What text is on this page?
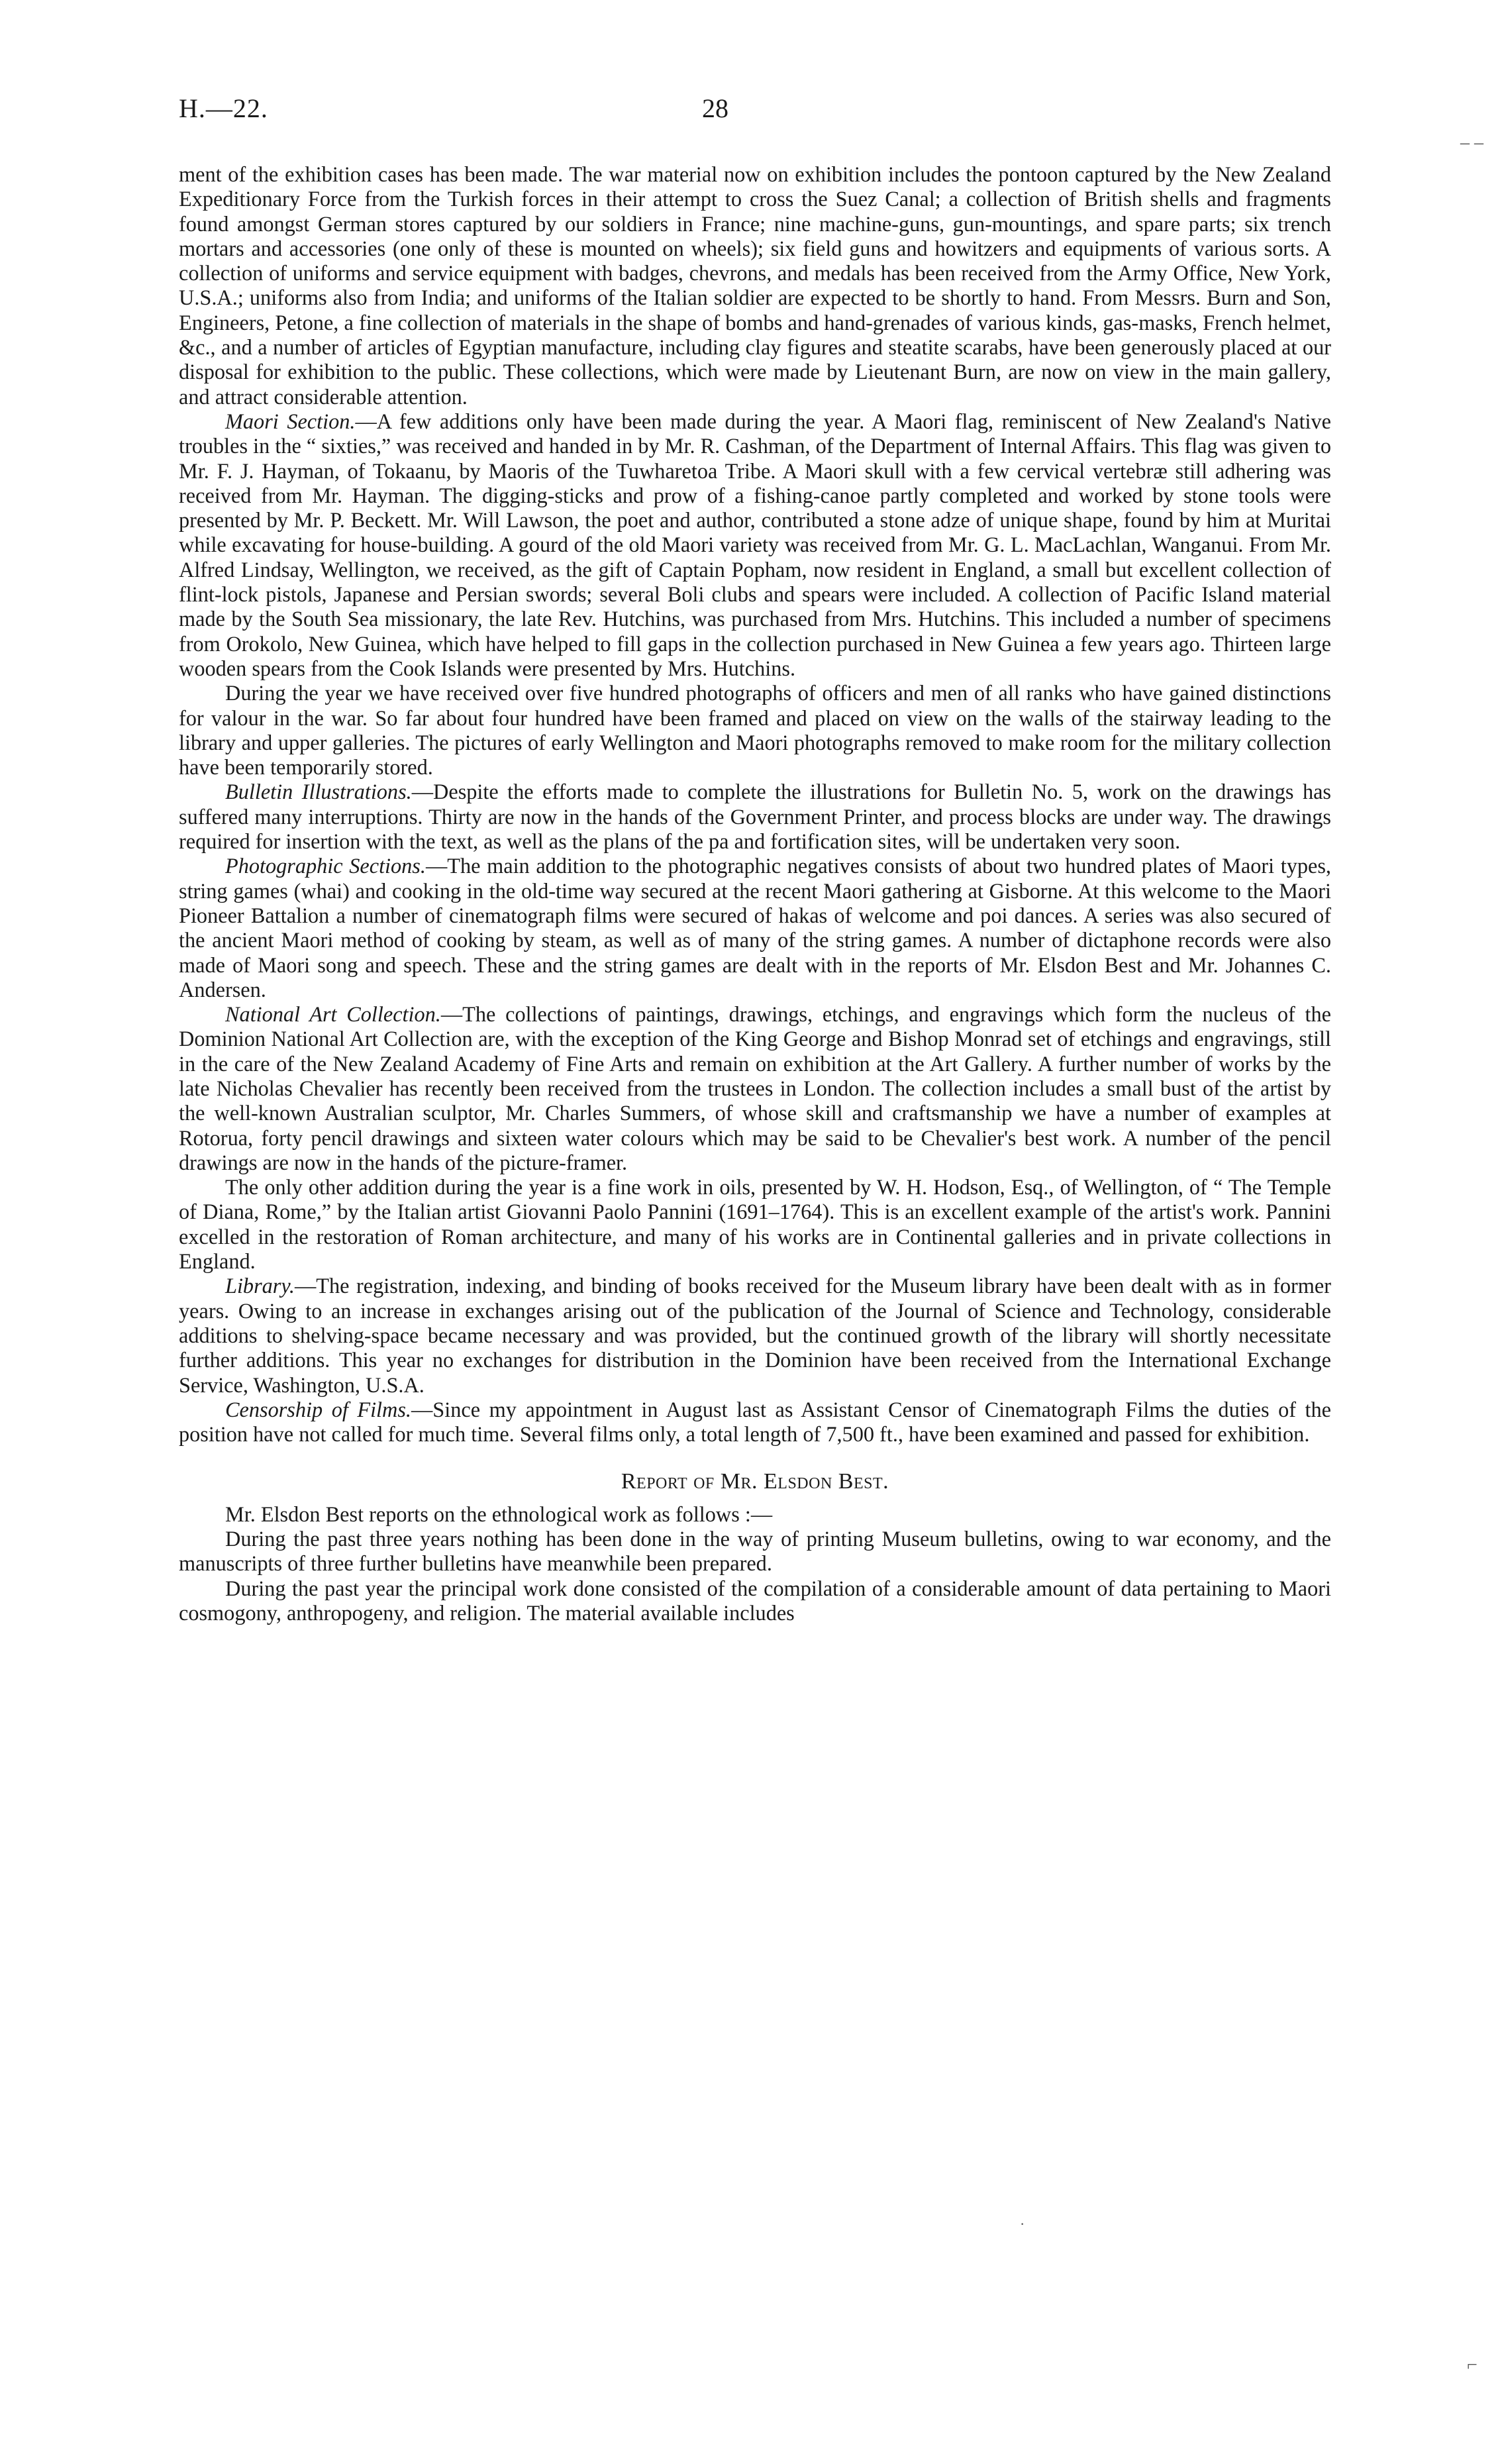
H.—22.	28
‒ ‒

ment of the exhibition cases has been made. The war material now on exhibition includes the pontoon captured by the New Zealand Expeditionary Force from the Turkish forces in their attempt to cross the Suez Canal; a collection of British shells and fragments found amongst German stores captured by our soldiers in France; nine machine-guns, gun-mountings, and spare parts; six trench mortars and accessories (one only of these is mounted on wheels); six field guns and howitzers and equipments of various sorts. A collection of uniforms and service equipment with badges, chevrons, and medals has been received from the Army Office, New York, U.S.A.; uniforms also from India; and uniforms of the Italian soldier are expected to be shortly to hand. From Messrs. Burn and Son, Engineers, Petone, a fine collection of materials in the shape of bombs and hand-grenades of various kinds, gas-masks, French helmet, &c., and a number of articles of Egyptian manufacture, including clay figures and steatite scarabs, have been generously placed at our disposal for exhibition to the public. These collections, which were made by Lieutenant Burn, are now on view in the main gallery, and attract considerable attention.

Maori Section.—A few additions only have been made during the year. A Maori flag, reminiscent of New Zealand's Native troubles in the “ sixties,” was received and handed in by Mr. R. Cashman, of the Department of Internal Affairs. This flag was given to Mr. F. J. Hayman, of Tokaanu, by Maoris of the Tuwharetoa Tribe. A Maori skull with a few cervical vertebræ still adhering was received from Mr. Hayman. The digging-sticks and prow of a fishing-canoe partly completed and worked by stone tools were presented by Mr. P. Beckett. Mr. Will Lawson, the poet and author, contributed a stone adze of unique shape, found by him at Muritai while excavating for house-building. A gourd of the old Maori variety was received from Mr. G. L. MacLachlan, Wanganui. From Mr. Alfred Lindsay, Wellington, we received, as the gift of Captain Popham, now resident in England, a small but excellent collection of flint-lock pistols, Japanese and Persian swords; several Boli clubs and spears were included. A collection of Pacific Island material made by the South Sea missionary, the late Rev. Hutchins, was purchased from Mrs. Hutchins. This included a number of specimens from Orokolo, New Guinea, which have helped to fill gaps in the collection purchased in New Guinea a few years ago. Thirteen large wooden spears from the Cook Islands were presented by Mrs. Hutchins.

During the year we have received over five hundred photographs of officers and men of all ranks who have gained distinctions for valour in the war. So far about four hundred have been framed and placed on view on the walls of the stairway leading to the library and upper galleries. The pictures of early Wellington and Maori photographs removed to make room for the military collection have been temporarily stored.

Bulletin Illustrations.—Despite the efforts made to complete the illustrations for Bulletin No. 5, work on the drawings has suffered many interruptions. Thirty are now in the hands of the Government Printer, and process blocks are under way. The drawings required for insertion with the text, as well as the plans of the pa and fortification sites, will be undertaken very soon.

Photographic Sections.—The main addition to the photographic negatives consists of about two hundred plates of Maori types, string games (whai) and cooking in the old-time way secured at the recent Maori gathering at Gisborne. At this welcome to the Maori Pioneer Battalion a number of cinematograph films were secured of hakas of welcome and poi dances. A series was also secured of the ancient Maori method of cooking by steam, as well as of many of the string games. A number of dictaphone records were also made of Maori song and speech. These and the string games are dealt with in the reports of Mr. Elsdon Best and Mr. Johannes C. Andersen.

National Art Collection.—The collections of paintings, drawings, etchings, and engravings which form the nucleus of the Dominion National Art Collection are, with the exception of the King George and Bishop Monrad set of etchings and engravings, still in the care of the New Zealand Academy of Fine Arts and remain on exhibition at the Art Gallery. A further number of works by the late Nicholas Chevalier has recently been received from the trustees in London. The collection includes a small bust of the artist by the well-known Australian sculptor, Mr. Charles Summers, of whose skill and craftsmanship we have a number of examples at Rotorua, forty pencil drawings and sixteen water colours which may be said to be Chevalier's best work. A number of the pencil drawings are now in the hands of the picture-framer.

The only other addition during the year is a fine work in oils, presented by W. H. Hodson, Esq., of Wellington, of “ The Temple of Diana, Rome,” by the Italian artist Giovanni Paolo Pannini (1691–1764). This is an excellent example of the artist's work. Pannini excelled in the restoration of Roman architecture, and many of his works are in Continental galleries and in private collections in England.

Library.—The registration, indexing, and binding of books received for the Museum library have been dealt with as in former years. Owing to an increase in exchanges arising out of the publication of the Journal of Science and Technology, considerable additions to shelving-space became necessary and was provided, but the continued growth of the library will shortly necessitate further additions. This year no exchanges for distribution in the Dominion have been received from the International Exchange Service, Washington, U.S.A.

Censorship of Films.—Since my appointment in August last as Assistant Censor of Cinematograph Films the duties of the position have not called for much time. Several films only, a total length of 7,500 ft., have been examined and passed for exhibition.

Report of Mr. Elsdon Best.

Mr. Elsdon Best reports on the ethnological work as follows :—

During the past three years nothing has been done in the way of printing Museum bulletins, owing to war economy, and the manuscripts of three further bulletins have meanwhile been prepared.

During the past year the principal work done consisted of the compilation of a considerable amount of data pertaining to Maori cosmogony, anthropogeny, and religion. The material available includes

·
⌐
